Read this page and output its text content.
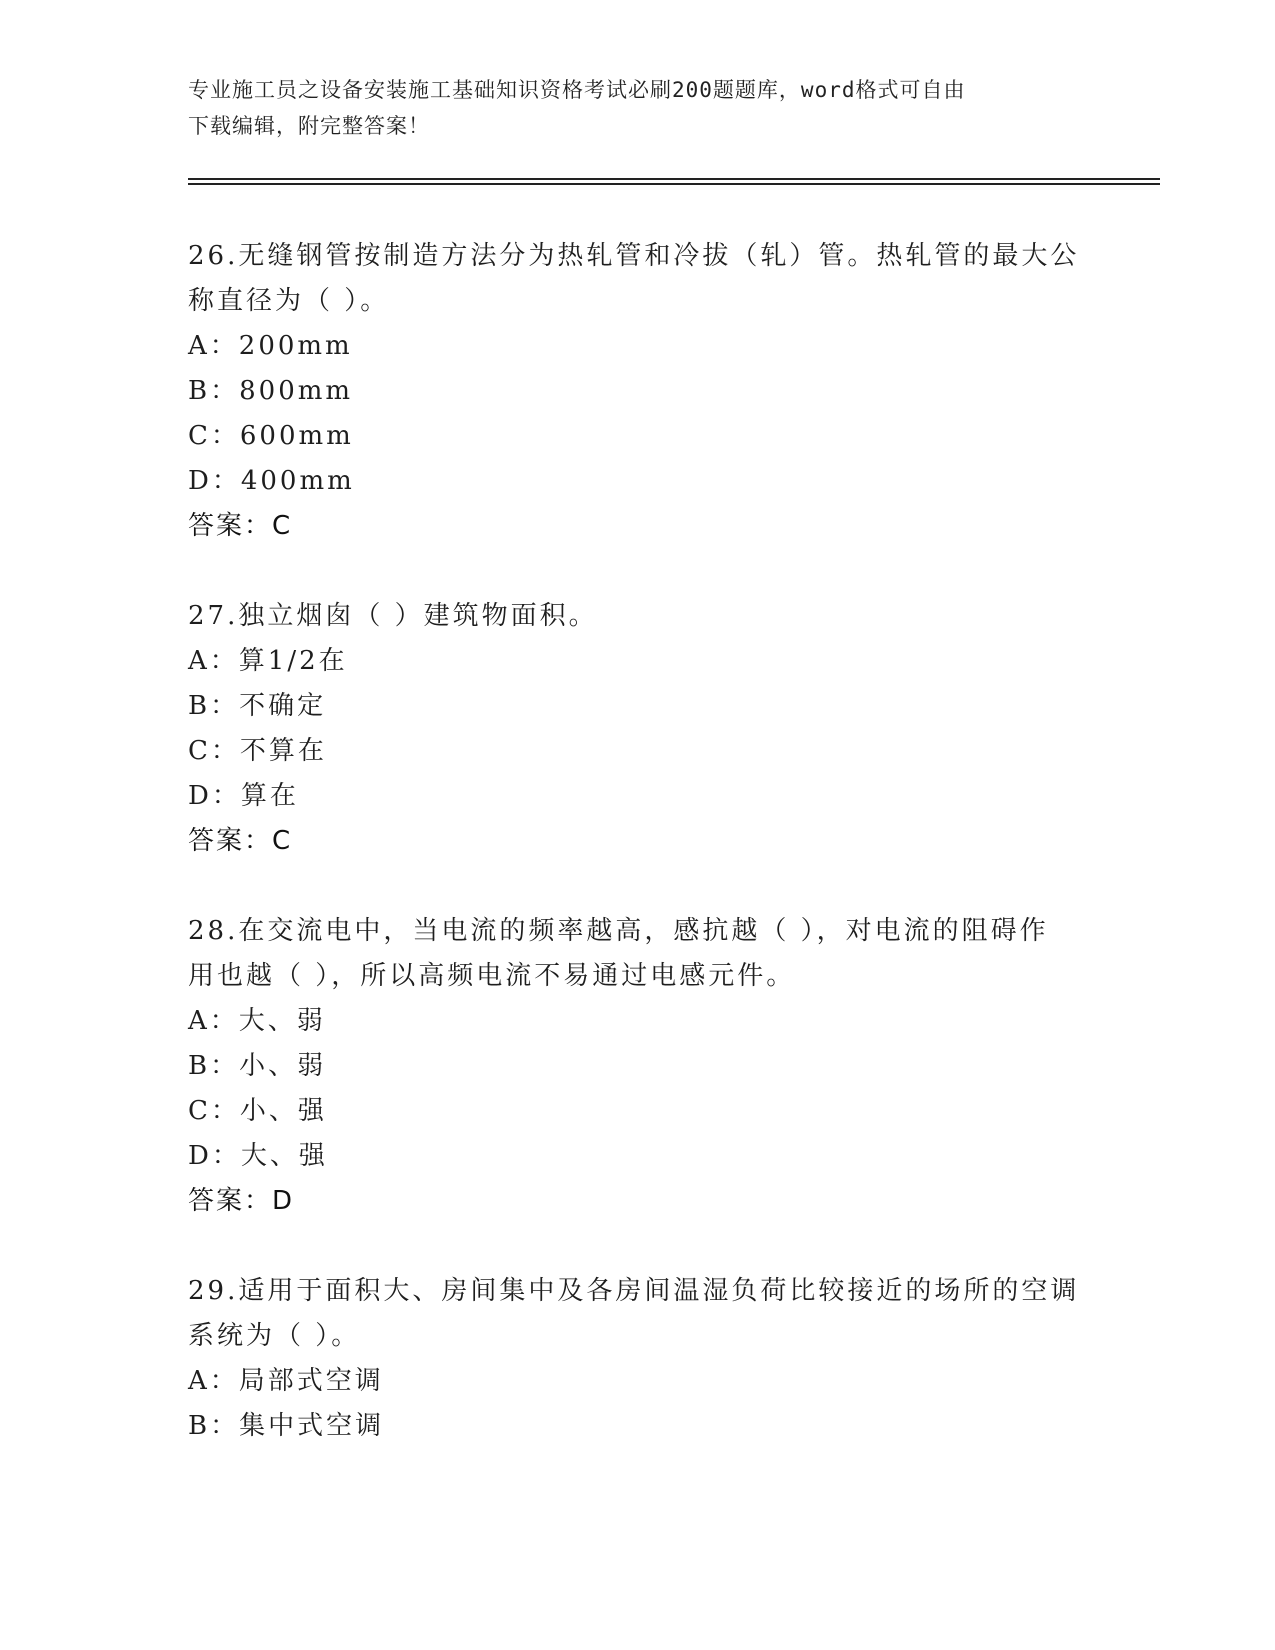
专业施工员之设备安装施工基础知识资格考试必刷200题题库，word格式可自由
下载编辑，附完整答案！
26.无缝钢管按制造方法分为热轧管和冷拔（轧）管。热轧管的最大公
称直径为（ ）。
A：200mm
B：800mm
C：600mm
D：400mm
答案：C
27.独立烟囱（ ）建筑物面积。
A：算1/2在
B：不确定
C：不算在
D：算在
答案：C
28.在交流电中，当电流的频率越高，感抗越（ ），对电流的阻碍作
用也越（ ），所以高频电流不易通过电感元件。
A：大、弱
B：小、弱
C：小、强
D：大、强
答案：D
29.适用于面积大、房间集中及各房间温湿负荷比较接近的场所的空调
系统为（ ）。
A：局部式空调
B：集中式空调
